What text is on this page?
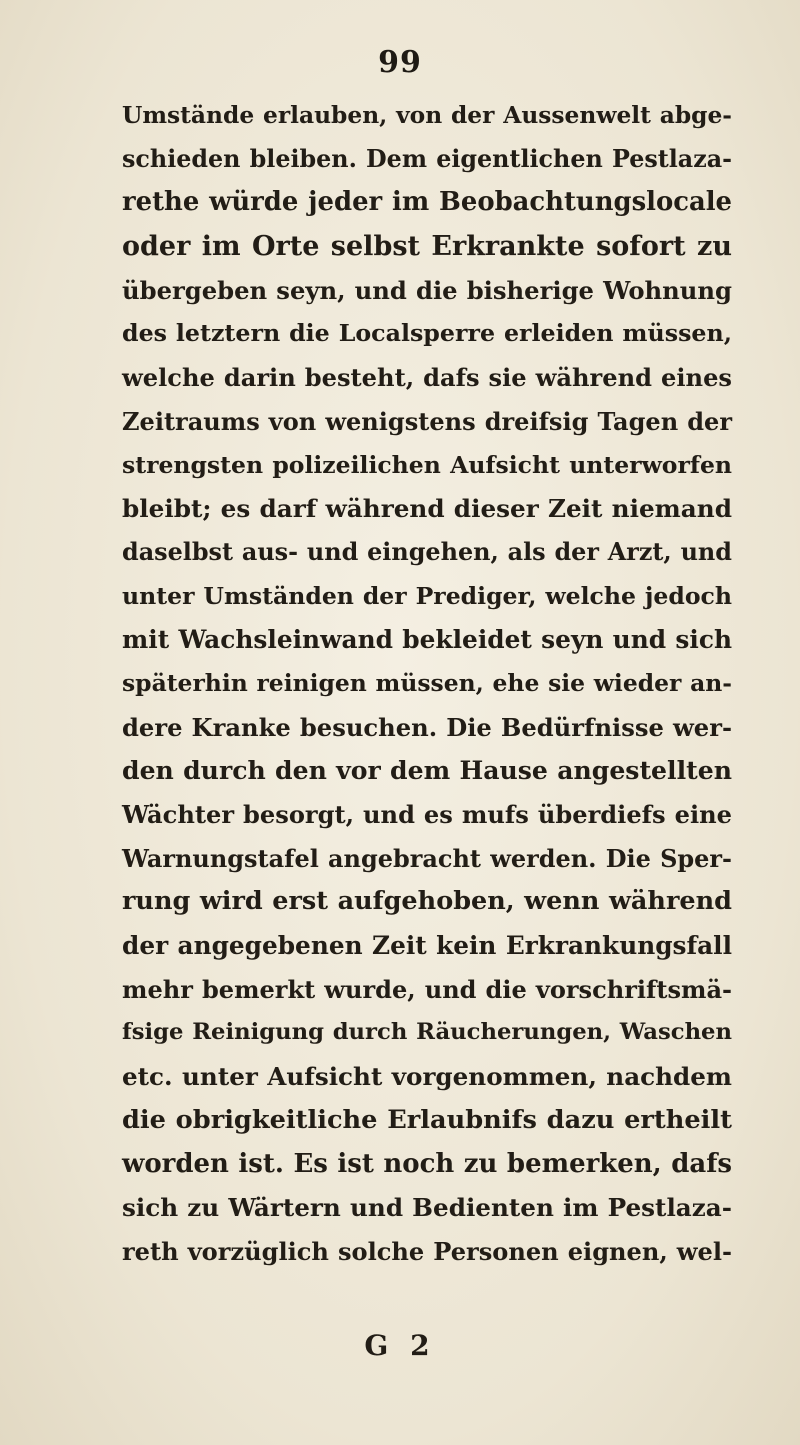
99
Umstände erlauben, von der Aussenwelt abge-
schieden bleiben. Dem eigentlichen Pestlaza-
rethe würde jeder im Beobachtungslocale
oder im Orte selbst Erkrankte sofort zu
übergeben seyn, und die bisherige Wohnung
des letztern die Localsperre erleiden müssen,
welche darin besteht, dafs sie während eines
Zeitraums von wenigstens dreifsig Tagen der
strengsten polizeilichen Aufsicht unterworfen
bleibt; es darf während dieser Zeit niemand
daselbst aus- und eingehen, als der Arzt, und
unter Umständen der Prediger, welche jedoch
mit Wachsleinwand bekleidet seyn und sich
späterhin reinigen müssen, ehe sie wieder an-
dere Kranke besuchen. Die Bedürfnisse wer-
den durch den vor dem Hause angestellten
Wächter besorgt, und es mufs überdiefs eine
Warnungstafel angebracht werden. Die Sper-
rung wird erst aufgehoben, wenn während
der angegebenen Zeit kein Erkrankungsfall
mehr bemerkt wurde, und die vorschriftsmä-
fsige Reinigung durch Räucherungen, Waschen
etc. unter Aufsicht vorgenommen, nachdem
die obrigkeitliche Erlaubnifs dazu ertheilt
worden ist. Es ist noch zu bemerken, dafs
sich zu Wärtern und Bedienten im Pestlaza-
reth vorzüglich solche Personen eignen, wel-
G 2
